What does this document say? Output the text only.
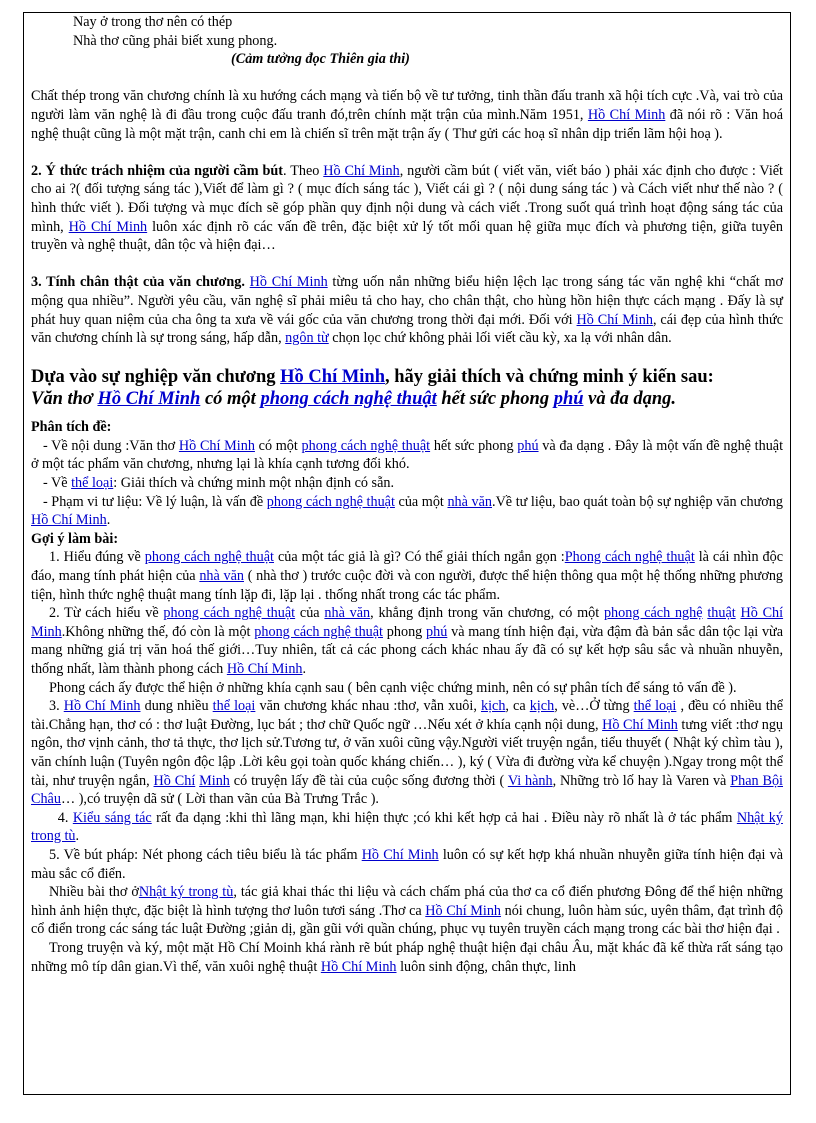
Nay ở trong thơ nên có thép

Nhà thơ cũng phải biết xung phong.

(Cảm tưởng đọc Thiên gia thi)

Chất thép trong văn chương chính là xu hướng cách mạng và tiến bộ về tư tưởng, tinh thần đấu tranh xã hội tích cực .Và, vai trò của người làm văn nghệ là đi đầu trong cuộc đấu tranh đó,trên chính mặt trận của mình.Năm 1951, Hồ Chí Minh đã nói rõ : Văn hoá nghệ thuật cũng là một mặt trận, canh chi em là chiến sĩ trên mặt trận ấy ( Thư gửi các hoạ sĩ nhân dịp triển lãm hội hoạ ).

2. Ý thức trách nhiệm của người cầm bút. Theo Hồ Chí Minh, người cầm bút ( viết văn, viết báo ) phải xác định cho được : Viết cho ai ?( đối tượng sáng tác ),Viết để làm gì ? ( mục đích sáng tác ), Viết cái gì ? ( nội dung sáng tác ) và Cách viết như thế nào ? ( hình thức viết ). Đối tượng và mục đích sẽ góp phần quy định nội dung và cách viết .Trong suốt quá trình hoạt động sáng tác của mình, Hồ Chí Minh luôn xác định rõ các vấn đề trên, đặc biệt xử lý tốt mối quan hệ giữa mục đích và phương tiện, giữa tuyên truyền và nghệ thuật, dân tộc và hiện đại…

3. Tính chân thật của văn chương. Hồ Chí Minh từng uốn nắn những biểu hiện lệch lạc trong sáng tác văn nghệ khi “chất mơ mộng qua nhiều”. Người yêu cầu, văn nghệ sĩ phải miêu tả cho hay, cho chân thật, cho hùng hồn hiện thực cách mạng . Đấy là sự phát huy quan niệm của cha ông ta xưa về vái gốc của văn chương trong thời đại mới. Đối với Hồ Chí Minh, cái đẹp của hình thức văn chương chính là sự trong sáng, hấp dẫn, ngôn từ chọn lọc chứ không phải lối viết cầu kỳ, xa lạ với nhân dân.

Dựa vào sự nghiệp văn chương Hồ Chí Minh, hãy giải thích và chứng minh ý kiến sau:

Văn thơ Hồ Chí Minh có một phong cách nghệ thuật hết sức phong phú và đa dạng.

Phân tích đề:

- Về nội dung :Văn thơ Hồ Chí Minh có một phong cách nghệ thuật hết sức phong phú và đa dạng . Đây là một vấn đề nghệ thuật ở một tác phẩm văn chương, nhưng lại là khía cạnh tương đối khó.

- Về thể loại: Giải thích và chứng minh một nhận định có sẵn.

- Phạm vi tư liệu: Về lý luận, là vấn đề phong cách nghệ thuật của một nhà văn.Về tư liệu, bao quát toàn bộ sự nghiệp văn chương Hồ Chí Minh.

Gợi ý làm bài:

1. Hiểu đúng về phong cách nghệ thuật của một tác giả là gì? Có thể giải thích ngắn gọn :Phong cách nghệ thuật là cái nhìn độc đáo, mang tính phát hiện của nhà văn ( nhà thơ ) trước cuộc đời và con người, được thể hiện thông qua một hệ thống những phương tiện, hình thức nghệ thuật mang tính lặp đi, lặp lại . thống nhất trong các tác phẩm.

2. Từ cách hiểu về phong cách nghệ thuật của nhà văn, khẳng định trong văn chương, có một phong cách nghệ thuật Hồ Chí Minh.Không những thế, đó còn là một phong cách nghệ thuật phong phú và mang tính hiện đại, vừa đậm đà bản sắc dân tộc lại vừa mang những giá trị văn hoá thế giới…Tuy nhiên, tất cả các phong cách khác nhau ấy đã có sự kết hợp sâu sắc và nhuần nhuyễn, thống nhất, làm thành phong cách Hồ Chí Minh.

Phong cách ấy được thể hiện ở những khía cạnh sau ( bên cạnh việc chứng minh, nên có sự phân tích để sáng tỏ vấn đề ).

3. Hồ Chí Minh dung nhiều thể loại văn chương khác nhau :thơ, vẫn xuôi, kịch, ca kịch, vè…Ở từng thể loại , đều có nhiều thể tài.Chẳng hạn, thơ có : thơ luật Đường, lục bát ; thơ chữ Quốc ngữ …Nếu xét ở khía cạnh nội dung, Hồ Chí Minh tưng viết :thơ ngụ ngôn, thơ vịnh cảnh, thơ tả thực, thơ lịch sử.Tương tư, ở văn xuôi cũng vậy.Người viết truyện ngắn, tiểu thuyết ( Nhật ký chìm tàu ), văn chính luận (Tuyên ngôn độc lập .Lời kêu gọi toàn quốc kháng chiến… ), ký ( Vừa đi đường vừa kể chuyện ).Ngay trong một thể tài, như truyện ngắn, Hồ Chí Minh có truyện lấy đề tài của cuộc sống đương thời ( Vi hành, Những trò lố hay là Varen và Phan Bội Châu… ),có truyện dã sử ( Lời than vãn của Bà Trưng Trắc ).

4. Kiểu sáng tác rất đa dạng :khi thì lãng mạn, khi hiện thực ;có khi kết hợp cả hai . Điều này rõ nhất là ở tác phẩm Nhật ký trong tù.

5. Về bút pháp: Nét phong cách tiêu biểu là tác phẩm Hồ Chí Minh luôn có sự kết hợp khá nhuần nhuyễn giữa tính hiện đại và màu sắc cổ điển.

Nhiều bài thơ ởNhật ký trong tù, tác giả khai thác thi liệu và cách chấm phá của thơ ca cổ điển phương Đông để thể hiện những hình ảnh hiện thực, đặc biệt là hình tượng thơ luôn tươi sáng .Thơ ca Hồ Chí Minh nói chung, luôn hàm súc, uyên thâm, đạt trình độ cổ điển trong các sáng tác luật Đường ;giản dị, gần gũi với quần chúng, phục vụ tuyên truyền cách mạng trong các bài thơ hiện đại .

Trong truyện và ký, một mặt Hồ Chí Moinh khá rành rẽ bút pháp nghệ thuật hiện đại châu Âu, mặt khác đã kế thừa rất sáng tạo những mô típ dân gian.Vì thế, văn xuôi nghệ thuật Hồ Chí Minh luôn sinh động, chân thực, linh
